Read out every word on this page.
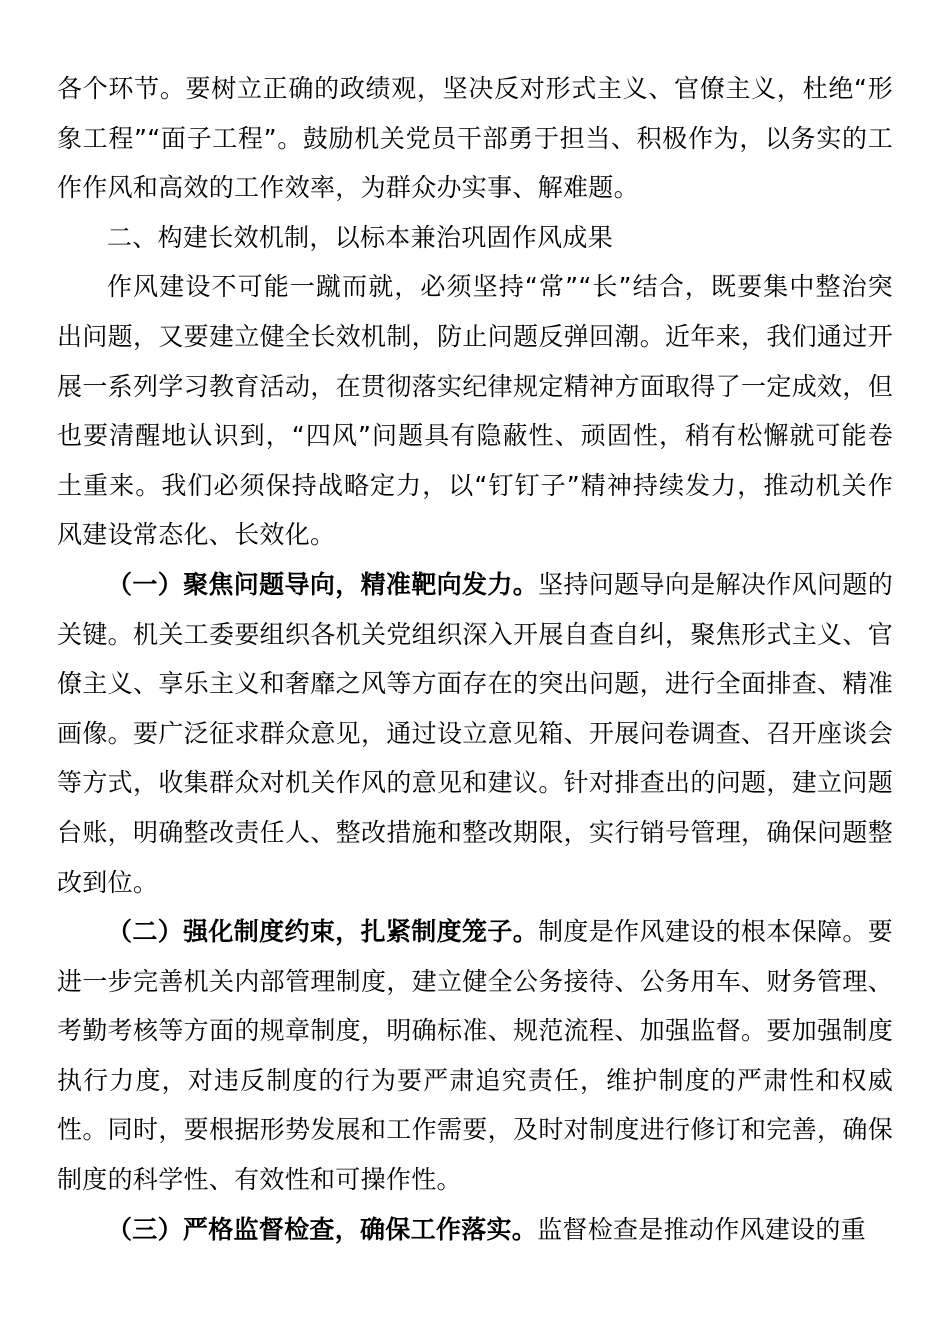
各个环节。要树立正确的政绩观，坚决反对形式主义、官僚主义，杜绝“形象工程”“面子工程”。鼓励机关党员干部勇于担当、积极作为，以务实的工作作风和高效的工作效率，为群众办实事、解难题。

二、构建长效机制，以标本兼治巩固作风成果

作风建设不可能一蹴而就，必须坚持“常”“长”结合，既要集中整治突出问题，又要建立健全长效机制，防止问题反弹回潮。近年来，我们通过开展一系列学习教育活动，在贯彻落实纪律规定精神方面取得了一定成效，但也要清醒地认识到，“四风”问题具有隐蔽性、顽固性，稍有松懈就可能卷土重来。我们必须保持战略定力，以“钉钉子”精神持续发力，推动机关作风建设常态化、长效化。

（一）聚焦问题导向，精准靶向发力。坚持问题导向是解决作风问题的关键。机关工委要组织各机关党组织深入开展自查自纠，聚焦形式主义、官僚主义、享乐主义和奢靡之风等方面存在的突出问题，进行全面排查、精准画像。要广泛征求群众意见，通过设立意见箱、开展问卷调查、召开座谈会等方式，收集群众对机关作风的意见和建议。针对排查出的问题，建立问题台账，明确整改责任人、整改措施和整改期限，实行销号管理，确保问题整改到位。

（二）强化制度约束，扎紧制度笼子。制度是作风建设的根本保障。要进一步完善机关内部管理制度，建立健全公务接待、公务用车、财务管理、考勤考核等方面的规章制度，明确标准、规范流程、加强监督。要加强制度执行力度，对违反制度的行为要严肃追究责任，维护制度的严肃性和权威性。同时，要根据形势发展和工作需要，及时对制度进行修订和完善，确保制度的科学性、有效性和可操作性。

（三）严格监督检查，确保工作落实。监督检查是推动作风建设的重
